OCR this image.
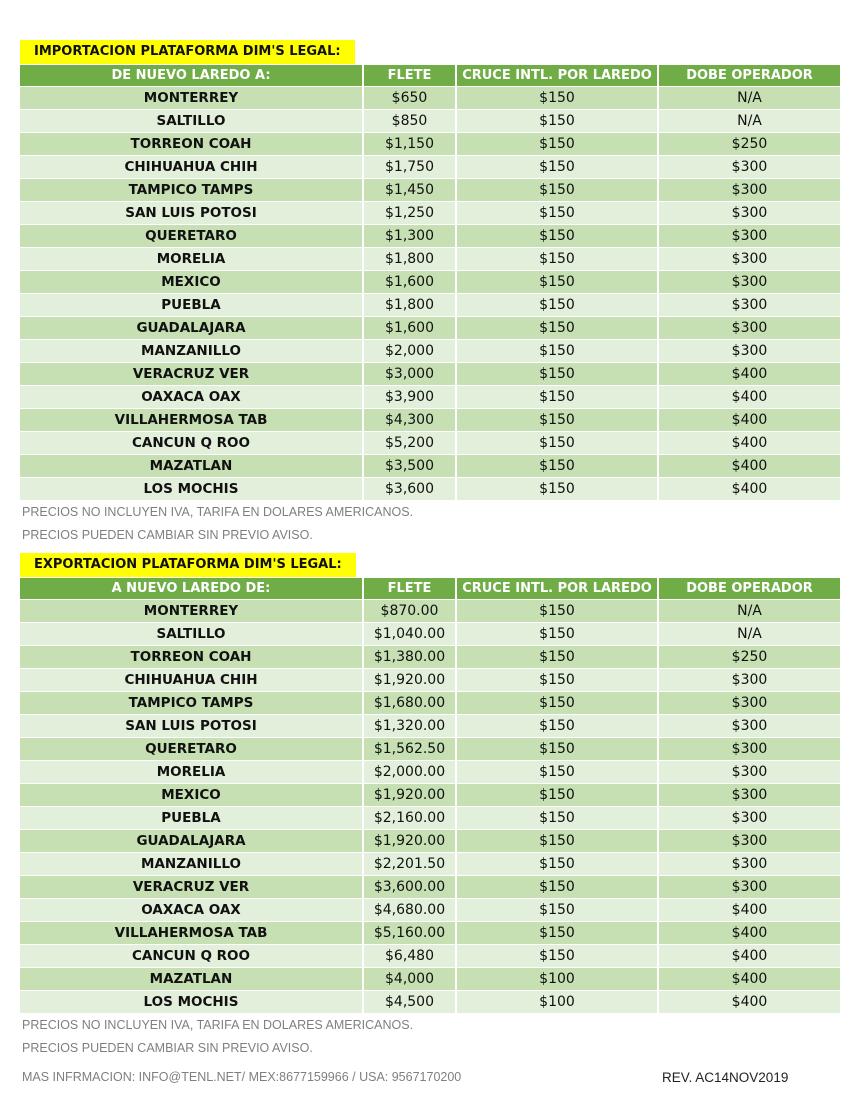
IMPORTACION PLATAFORMA DIM'S LEGAL:
DE NUEVO LAREDO A:	FLETE	CRUCE INTL. POR LAREDO	DOBE OPERADOR
MONTERREY	$650	$150	N/A
SALTILLO	$850	$150	N/A
TORREON COAH	$1,150	$150	$250
CHIHUAHUA CHIH	$1,750	$150	$300
TAMPICO TAMPS	$1,450	$150	$300
SAN LUIS POTOSI	$1,250	$150	$300
QUERETARO	$1,300	$150	$300
MORELIA	$1,800	$150	$300
MEXICO	$1,600	$150	$300
PUEBLA	$1,800	$150	$300
GUADALAJARA	$1,600	$150	$300
MANZANILLO	$2,000	$150	$300
VERACRUZ VER	$3,000	$150	$400
OAXACA OAX	$3,900	$150	$400
VILLAHERMOSA TAB	$4,300	$150	$400
CANCUN Q ROO	$5,200	$150	$400
MAZATLAN	$3,500	$150	$400
LOS MOCHIS	$3,600	$150	$400
PRECIOS NO INCLUYEN IVA, TARIFA EN DOLARES AMERICANOS.
PRECIOS PUEDEN CAMBIAR SIN PREVIO AVISO.
EXPORTACION PLATAFORMA DIM'S LEGAL:
A NUEVO LAREDO DE:	FLETE	CRUCE INTL. POR LAREDO	DOBE OPERADOR
MONTERREY	$870.00	$150	N/A
SALTILLO	$1,040.00	$150	N/A
TORREON COAH	$1,380.00	$150	$250
CHIHUAHUA CHIH	$1,920.00	$150	$300
TAMPICO TAMPS	$1,680.00	$150	$300
SAN LUIS POTOSI	$1,320.00	$150	$300
QUERETARO	$1,562.50	$150	$300
MORELIA	$2,000.00	$150	$300
MEXICO	$1,920.00	$150	$300
PUEBLA	$2,160.00	$150	$300
GUADALAJARA	$1,920.00	$150	$300
MANZANILLO	$2,201.50	$150	$300
VERACRUZ VER	$3,600.00	$150	$300
OAXACA OAX	$4,680.00	$150	$400
VILLAHERMOSA TAB	$5,160.00	$150	$400
CANCUN Q ROO	$6,480	$150	$400
MAZATLAN	$4,000	$100	$400
LOS MOCHIS	$4,500	$100	$400
PRECIOS NO INCLUYEN IVA, TARIFA EN DOLARES AMERICANOS.
PRECIOS PUEDEN CAMBIAR SIN PREVIO AVISO.
MAS INFRMACION: INFO@TENL.NET/ MEX:8677159966 / USA: 9567170200	REV. AC14NOV2019
